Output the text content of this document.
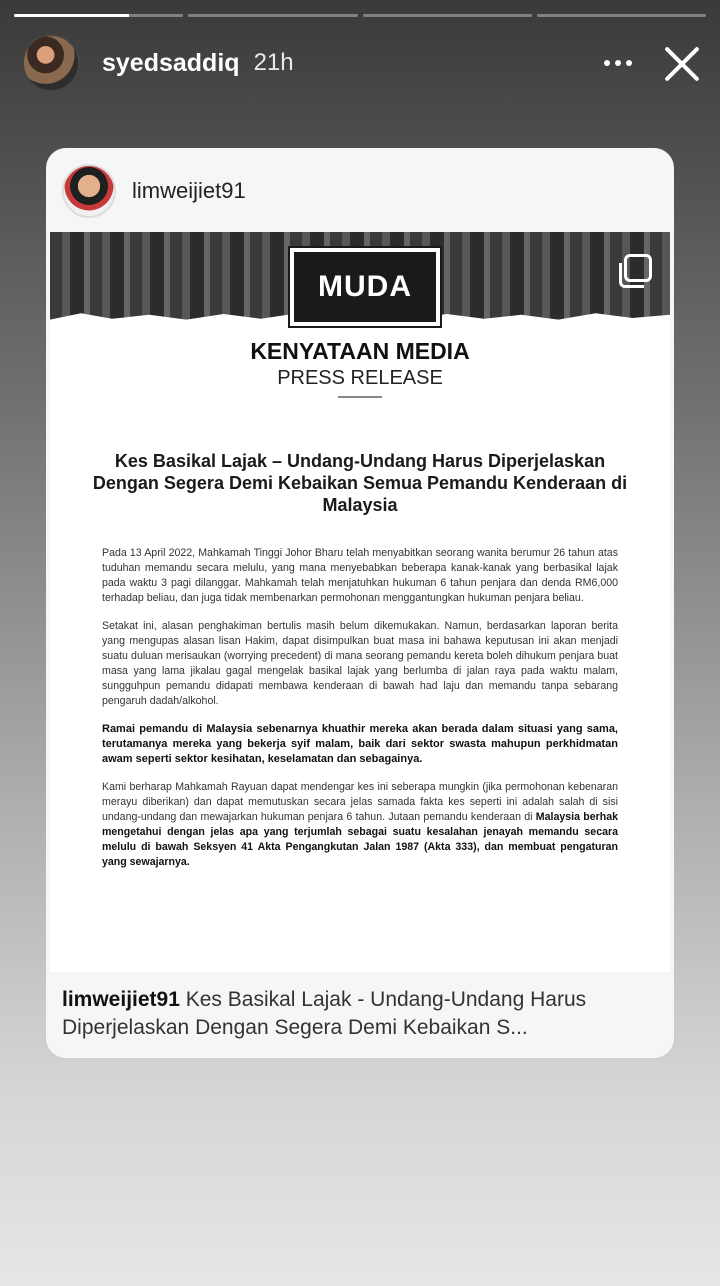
syedsaddiq 21h
limweijiet91
MUDA
KENYATAAN MEDIA
PRESS RELEASE
Kes Basikal Lajak – Undang-Undang Harus Diperjelaskan Dengan Segera Demi Kebaikan Semua Pemandu Kenderaan di Malaysia

Pada 13 April 2022, Mahkamah Tinggi Johor Bharu telah menyabitkan seorang wanita berumur 26 tahun atas tuduhan memandu secara melulu, yang mana menyebabkan beberapa kanak-kanak yang berbasikal lajak pada waktu 3 pagi dilanggar. Mahkamah telah menjatuhkan hukuman 6 tahun penjara dan denda RM6,000 terhadap beliau, dan juga tidak membenarkan permohonan menggantungkan hukuman penjara beliau.

Setakat ini, alasan penghakiman bertulis masih belum dikemukakan. Namun, berdasarkan laporan berita yang mengupas alasan lisan Hakim, dapat disimpulkan buat masa ini bahawa keputusan ini akan menjadi suatu duluan merisaukan (worrying precedent) di mana seorang pemandu kereta boleh dihukum penjara buat masa yang lama jikalau gagal mengelak basikal lajak yang berlumba di jalan raya pada waktu malam, sungguhpun pemandu didapati membawa kenderaan di bawah had laju dan memandu tanpa sebarang pengaruh dadah/alkohol.

Ramai pemandu di Malaysia sebenarnya khuathir mereka akan berada dalam situasi yang sama, terutamanya mereka yang bekerja syif malam, baik dari sektor swasta mahupun perkhidmatan awam seperti sektor kesihatan, keselamatan dan sebagainya.

Kami berharap Mahkamah Rayuan dapat mendengar kes ini seberapa mungkin (jika permohonan kebenaran merayu diberikan) dan dapat memutuskan secara jelas samada fakta kes seperti ini adalah salah di sisi undang-undang dan mewajarkan hukuman penjara 6 tahun. Jutaan pemandu kenderaan di Malaysia berhak mengetahui dengan jelas apa yang terjumlah sebagai suatu kesalahan jenayah memandu secara melulu di bawah Seksyen 41 Akta Pengangkutan Jalan 1987 (Akta 333), dan membuat pengaturan yang sewajarnya.

limweijiet91 Kes Basikal Lajak - Undang-Undang Harus Diperjelaskan Dengan Segera Demi Kebaikan S...
